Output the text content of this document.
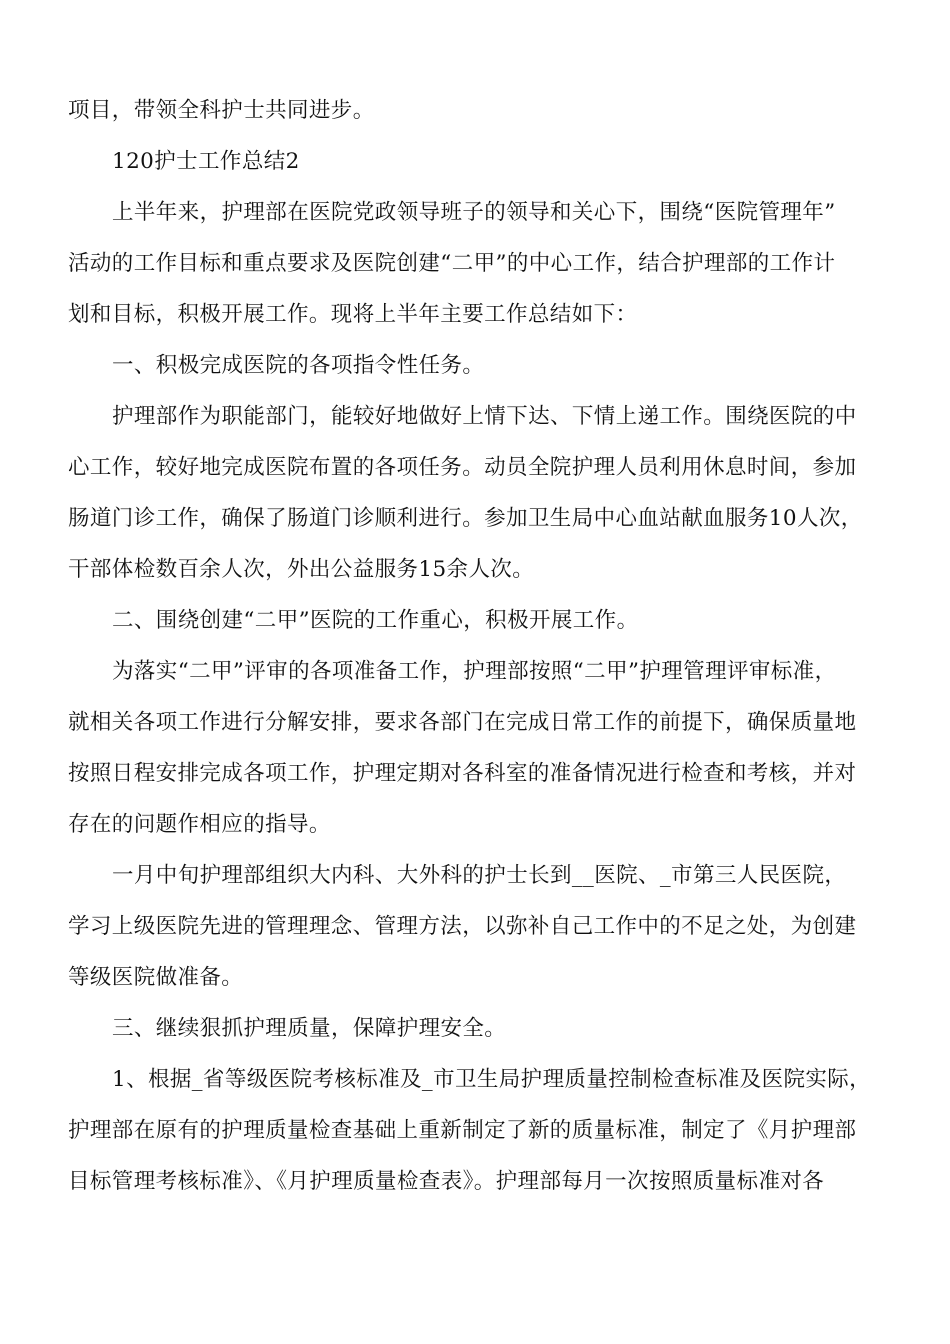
项目，带领全科护士共同进步。
120护士工作总结2
上半年来，护理部在医院党政领导班子的领导和关心下，围绕“医院管理年”
活动的工作目标和重点要求及医院创建“二甲”的中心工作，结合护理部的工作计
划和目标，积极开展工作。现将上半年主要工作总结如下：
一、积极完成医院的各项指令性任务。
护理部作为职能部门，能较好地做好上情下达、下情上递工作。围绕医院的中
心工作，较好地完成医院布置的各项任务。动员全院护理人员利用休息时间，参加
肠道门诊工作，确保了肠道门诊顺利进行。参加卫生局中心血站献血服务10人次，
干部体检数百余人次，外出公益服务15余人次。
二、围绕创建“二甲”医院的工作重心，积极开展工作。
为落实“二甲”评审的各项准备工作，护理部按照“二甲”护理管理评审标准，
就相关各项工作进行分解安排，要求各部门在完成日常工作的前提下，确保质量地
按照日程安排完成各项工作，护理定期对各科室的准备情况进行检查和考核，并对
存在的问题作相应的指导。
一月中旬护理部组织大内科、大外科的护士长到__医院、_市第三人民医院，
学习上级医院先进的管理理念、管理方法，以弥补自己工作中的不足之处，为创建
等级医院做准备。
三、继续狠抓护理质量，保障护理安全。
1、根据_省等级医院考核标准及_市卫生局护理质量控制检查标准及医院实际，
护理部在原有的护理质量检查基础上重新制定了新的质量标准，制定了《月护理部
目标管理考核标准》、《月护理质量检查表》。护理部每月一次按照质量标准对各
